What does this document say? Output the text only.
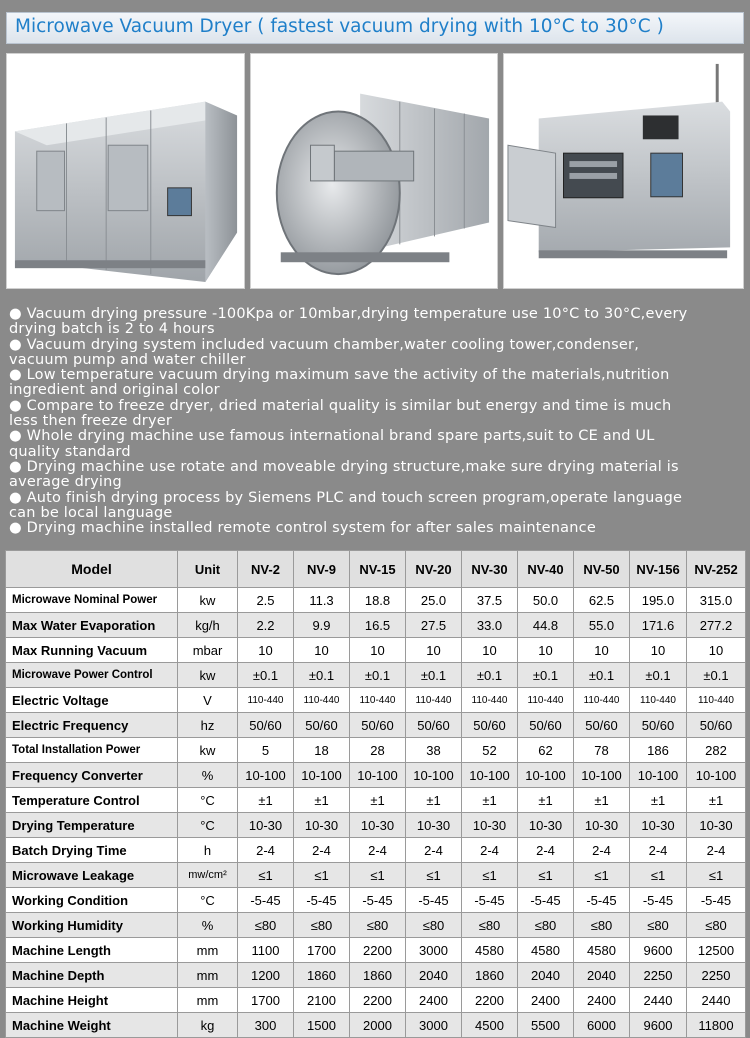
Microwave Vacuum Dryer ( fastest vacuum drying with 10°C to 30°C )
● Vacuum drying pressure -100Kpa or 10mbar,drying temperature use 10°C to 30°C,every
drying batch is 2 to 4 hours
● Vacuum drying system included vacuum chamber,water cooling tower,condenser,
vacuum pump and water chiller
● Low temperature vacuum drying maximum save the activity of the materials,nutrition
ingredient and original color
● Compare to freeze dryer, dried material quality is similar but energy and time is much
less then freeze dryer
● Whole drying machine use famous international brand spare parts,suit to CE and UL
quality standard
● Drying machine use rotate and moveable drying structure,make sure drying material is
average drying
● Auto finish drying process by Siemens PLC and touch screen program,operate language
can be local language
● Drying machine installed remote control system for after sales maintenance
Model	Unit	NV-2	NV-9	NV-15	NV-20	NV-30	NV-40	NV-50	NV-156	NV-252
Microwave Nominal Power	kw	2.5	11.3	18.8	25.0	37.5	50.0	62.5	195.0	315.0
Max Water Evaporation	kg/h	2.2	9.9	16.5	27.5	33.0	44.8	55.0	171.6	277.2
Max Running Vacuum	mbar	10	10	10	10	10	10	10	10	10
Microwave Power Control	kw	±0.1	±0.1	±0.1	±0.1	±0.1	±0.1	±0.1	±0.1	±0.1
Electric Voltage	V	110-440	110-440	110-440	110-440	110-440	110-440	110-440	110-440	110-440
Electric Frequency	hz	50/60	50/60	50/60	50/60	50/60	50/60	50/60	50/60	50/60
Total Installation Power	kw	5	18	28	38	52	62	78	186	282
Frequency Converter	%	10-100	10-100	10-100	10-100	10-100	10-100	10-100	10-100	10-100
Temperature Control	°C	±1	±1	±1	±1	±1	±1	±1	±1	±1
Drying Temperature	°C	10-30	10-30	10-30	10-30	10-30	10-30	10-30	10-30	10-30
Batch Drying Time	h	2-4	2-4	2-4	2-4	2-4	2-4	2-4	2-4	2-4
Microwave Leakage	mw/cm²	≤1	≤1	≤1	≤1	≤1	≤1	≤1	≤1	≤1
Working Condition	°C	-5-45	-5-45	-5-45	-5-45	-5-45	-5-45	-5-45	-5-45	-5-45
Working Humidity	%	≤80	≤80	≤80	≤80	≤80	≤80	≤80	≤80	≤80
Machine Length	mm	1100	1700	2200	3000	4580	4580	4580	9600	12500
Machine Depth	mm	1200	1860	1860	2040	1860	2040	2040	2250	2250
Machine Height	mm	1700	2100	2200	2400	2200	2400	2400	2440	2440
Machine Weight	kg	300	1500	2000	3000	4500	5500	6000	9600	11800
